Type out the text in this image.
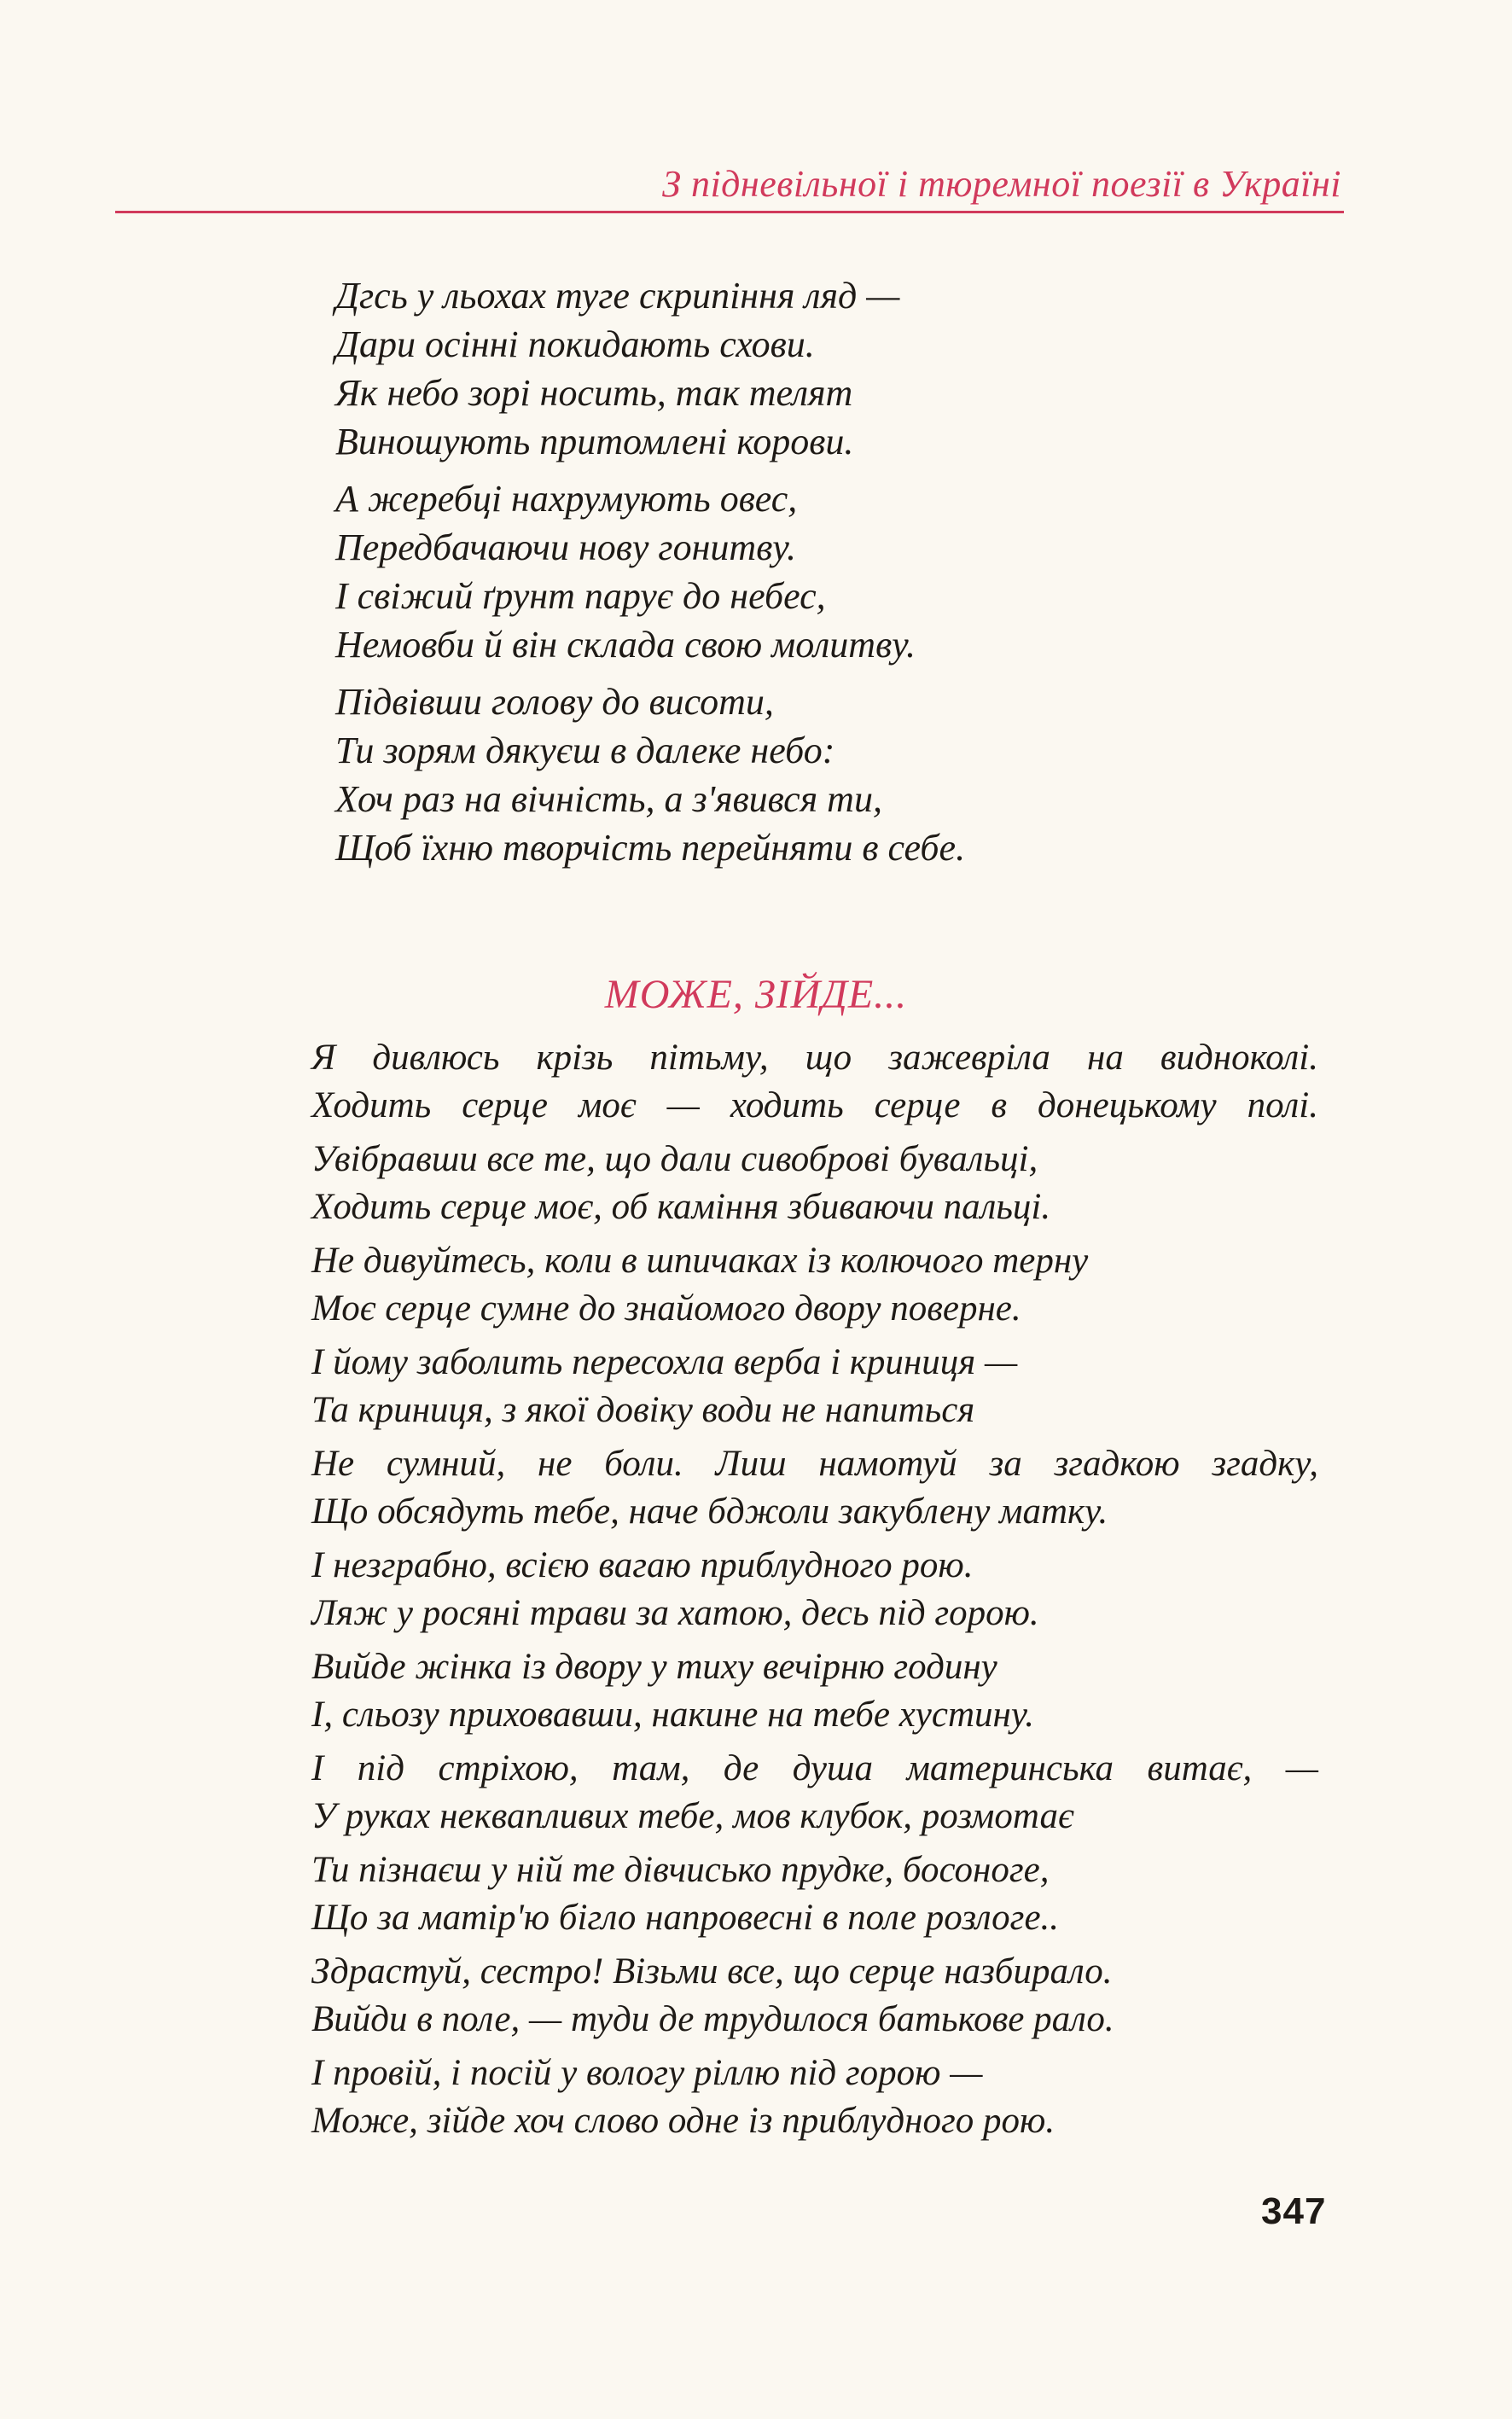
З підневільної і тюремної поезії в Україні
Дгсь у льохах туге скрипіння ляд —
Дари осінні покидають схови.
Як небо зорі носить, так телят
Виношують притомлені корови.
А жеребці нахрумують овес,
Передбачаючи нову гонитву.
І свіжий ґрунт парує до небес,
Немовби й він склада свою молитву.
Підвівши голову до висоти,
Ти зорям дякуєш в далеке небо:
Хоч раз на вічність, а з'явився ти,
Щоб їхню творчість перейняти в себе.
МОЖЕ, ЗІЙДЕ...
Я дивлюсь крізь пітьму, що зажевріла на видноколі.
Ходить серце моє — ходить серце в донецькому полі.
Увібравши все те, що дали сивоброві бувальці,
Ходить серце моє, об каміння збиваючи пальці.
Не дивуйтесь, коли в шпичаках із колючого терну
Моє серце сумне до знайомого двору поверне.
І йому заболить пересохла верба і криниця —
Та криниця, з якої довіку води не напиться
Не сумний, не боли. Лиш намотуй за згадкою згадку,
Що обсядуть тебе, наче бджоли закублену матку.
І незграбно, всією вагаю приблудного рою.
Ляж у росяні трави за хатою, десь під горою.
Вийде жінка із двору у тиху вечірню годину
І, сльозу приховавши, накине на тебе хустину.
І під стріхою, там, де душа материнська витає, —
У руках неквапливих тебе, мов клубок, розмотає
Ти пізнаєш у ній те дівчисько прудке, босоноге,
Що за матір'ю бігло напровесні в поле розлоге..
Здрастуй, сестро! Візьми все, що серце назбирало.
Вийди в поле, — туди де трудилося батькове рало.
І провій, і посій у вологу ріллю під горою —
Може, зійде хоч слово одне із приблудного рою.
347
